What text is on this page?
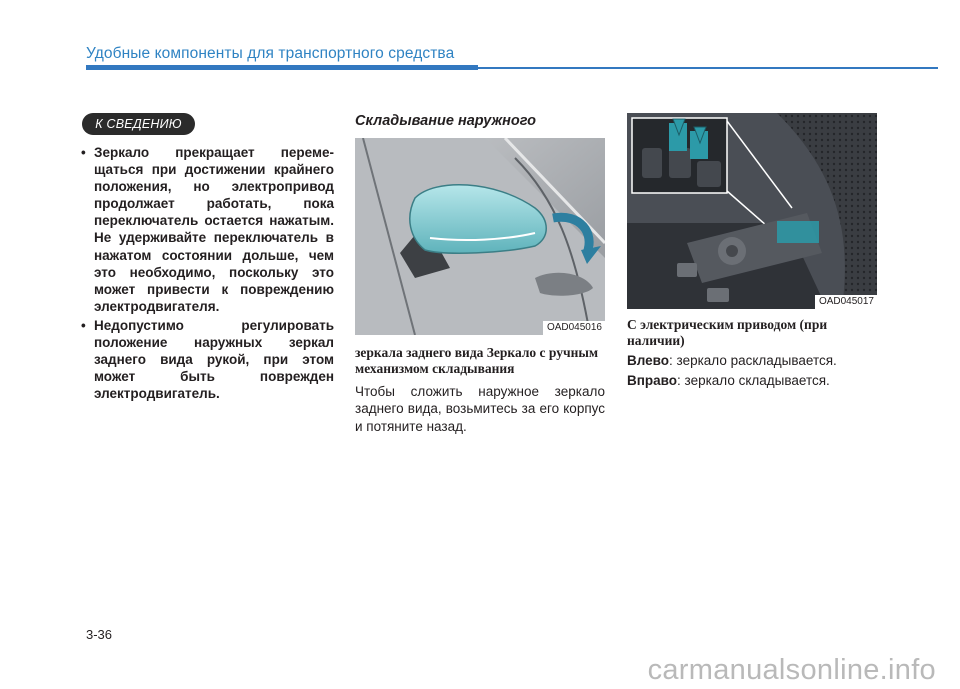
Удобные компоненты для транспортного средства
К СВЕДЕНИЮ
• Зеркало прекращает переме- щаться при достижении крайнего положения, но электропривод продолжает работать, пока переключатель остается нажатым. Не удерживайте переключатель в нажатом состоянии дольше, чем это необходимо, поскольку это может привести к повреждению электродвигателя.
• Недопустимо регулировать положение наружных зеркал заднего вида рукой, при этом может быть поврежден электродвигатель.
Складывание наружного
OAD045016
зеркала заднего вида Зеркало с ручным механизмом складывания
Чтобы сложить наружное зеркало заднего вида, возьмитесь за его корпус и потяните назад.
OAD045017
С электрическим приводом (при наличии)

Влево: зеркало раскладывается.

Вправо: зеркало складывается.

3-36
carmanualsonline.info
